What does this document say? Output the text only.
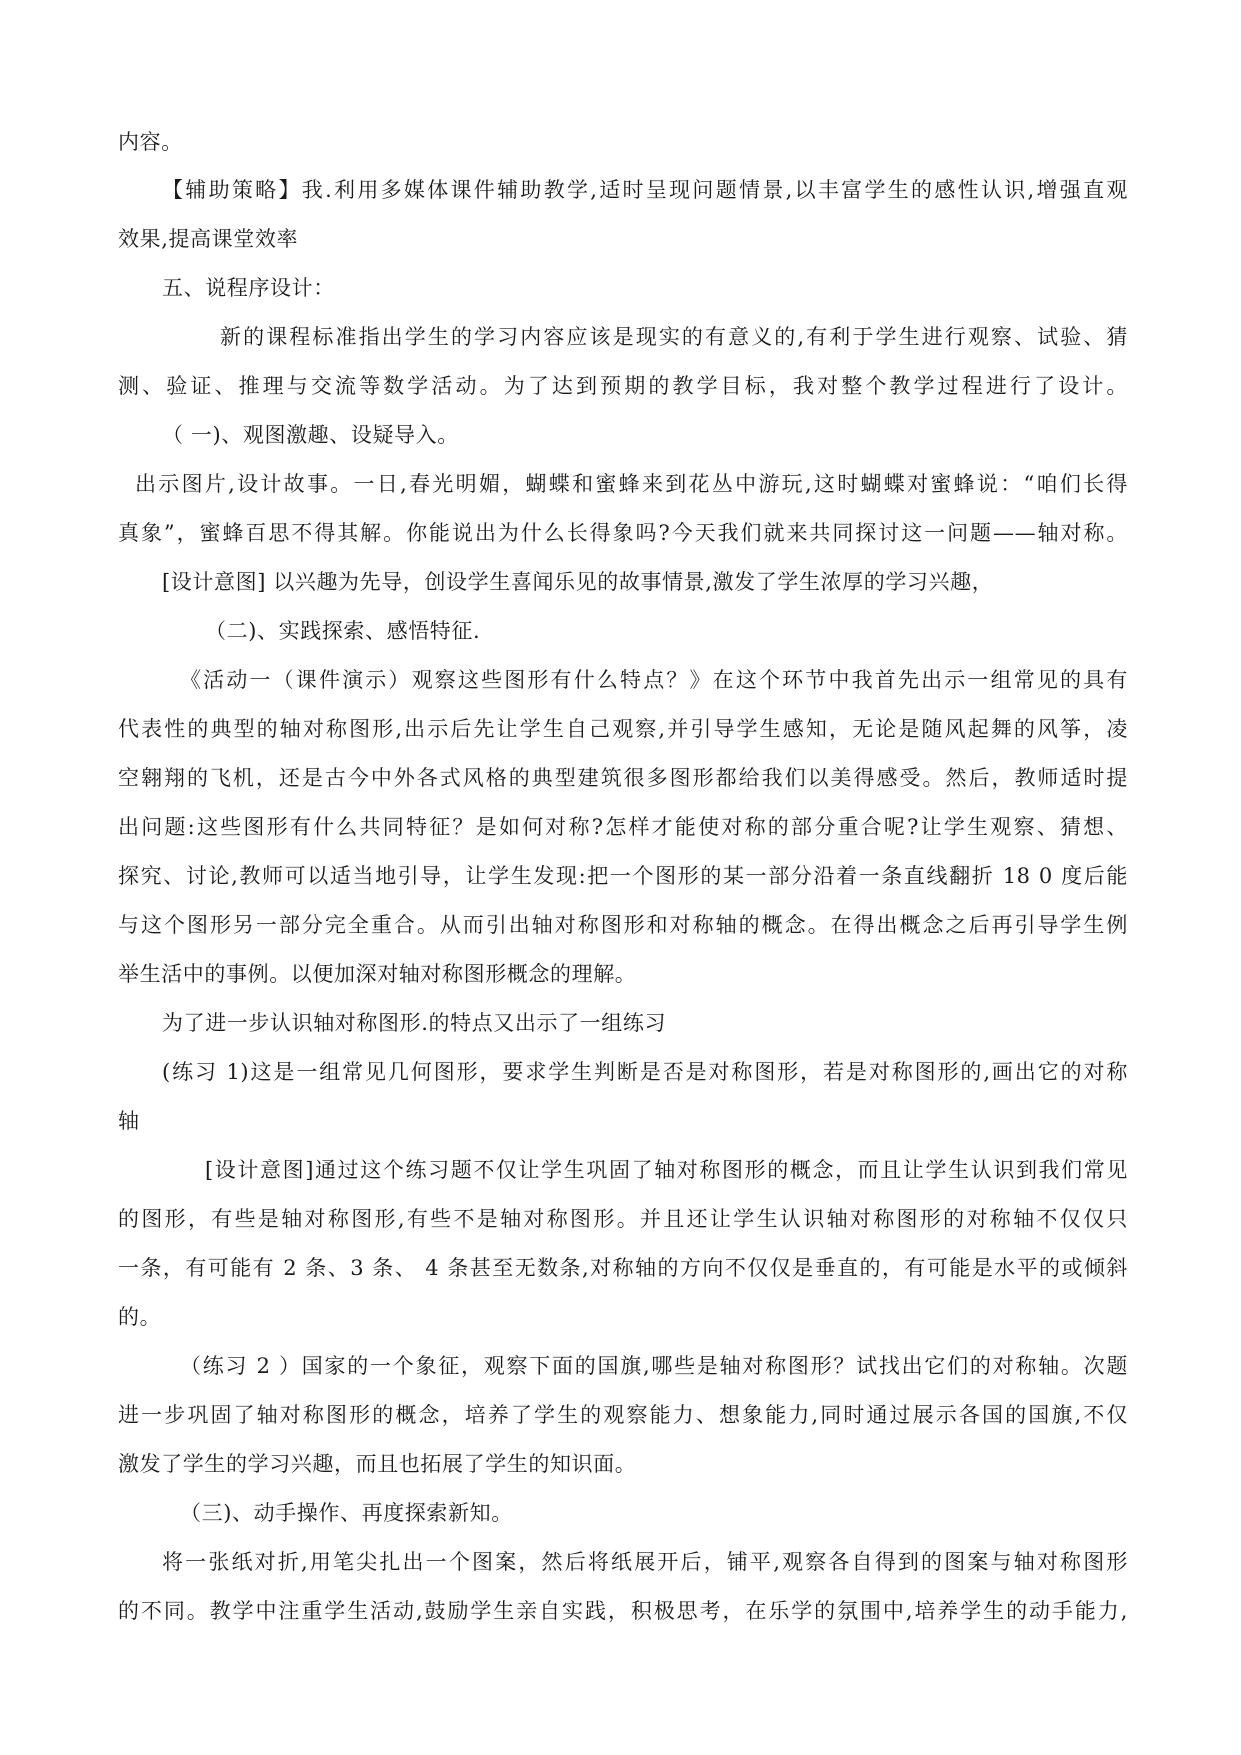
内容。
【辅助策略】我.利用多媒体课件辅助教学,适时呈现问题情景,以丰富学生的感性认识,增强直观
效果,提高课堂效率
五、说程序设计：
新的课程标准指出学生的学习内容应该是现实的有意义的,有利于学生进行观察、试验、猜
测、验证、推理与交流等数学活动。为了达到预期的教学目标，我对整个教学过程进行了设计。
（ 一)、观图激趣、设疑导入。
出示图片,设计故事。一日,春光明媚，蝴蝶和蜜蜂来到花丛中游玩,这时蝴蝶对蜜蜂说：“咱们长得
真象”，蜜蜂百思不得其解。你能说出为什么长得象吗?今天我们就来共同探讨这一问题——轴对称。
[设计意图] 以兴趣为先导，创设学生喜闻乐见的故事情景,激发了学生浓厚的学习兴趣，
（二)、实践探索、感悟特征.
《活动一（课件演示）观察这些图形有什么特点？》在这个环节中我首先出示一组常见的具有
代表性的典型的轴对称图形,出示后先让学生自己观察,并引导学生感知，无论是随风起舞的风筝，凌
空翱翔的飞机，还是古今中外各式风格的典型建筑很多图形都给我们以美得感受。然后，教师适时提
出问题:这些图形有什么共同特征？是如何对称?怎样才能使对称的部分重合呢?让学生观察、猜想、
探究、讨论,教师可以适当地引导，让学生发现:把一个图形的某一部分沿着一条直线翻折 18 0 度后能
与这个图形另一部分完全重合。从而引出轴对称图形和对称轴的概念。在得出概念之后再引导学生例
举生活中的事例。以便加深对轴对称图形概念的理解。
为了进一步认识轴对称图形.的特点又出示了一组练习
(练习 1)这是一组常见几何图形，要求学生判断是否是对称图形，若是对称图形的,画出它的对称
轴
[设计意图]通过这个练习题不仅让学生巩固了轴对称图形的概念，而且让学生认识到我们常见
的图形，有些是轴对称图形,有些不是轴对称图形。并且还让学生认识轴对称图形的对称轴不仅仅只
一条，有可能有 2 条、3 条、 4 条甚至无数条,对称轴的方向不仅仅是垂直的，有可能是水平的或倾斜
的。
（练习 2 ）国家的一个象征，观察下面的国旗,哪些是轴对称图形？试找出它们的对称轴。次题
进一步巩固了轴对称图形的概念，培养了学生的观察能力、想象能力,同时通过展示各国的国旗,不仅
激发了学生的学习兴趣，而且也拓展了学生的知识面。
（三)、动手操作、再度探索新知。
将一张纸对折,用笔尖扎出一个图案，然后将纸展开后，铺平,观察各自得到的图案与轴对称图形
的不同。教学中注重学生活动,鼓励学生亲自实践，积极思考，在乐学的氛围中,培养学生的动手能力,
